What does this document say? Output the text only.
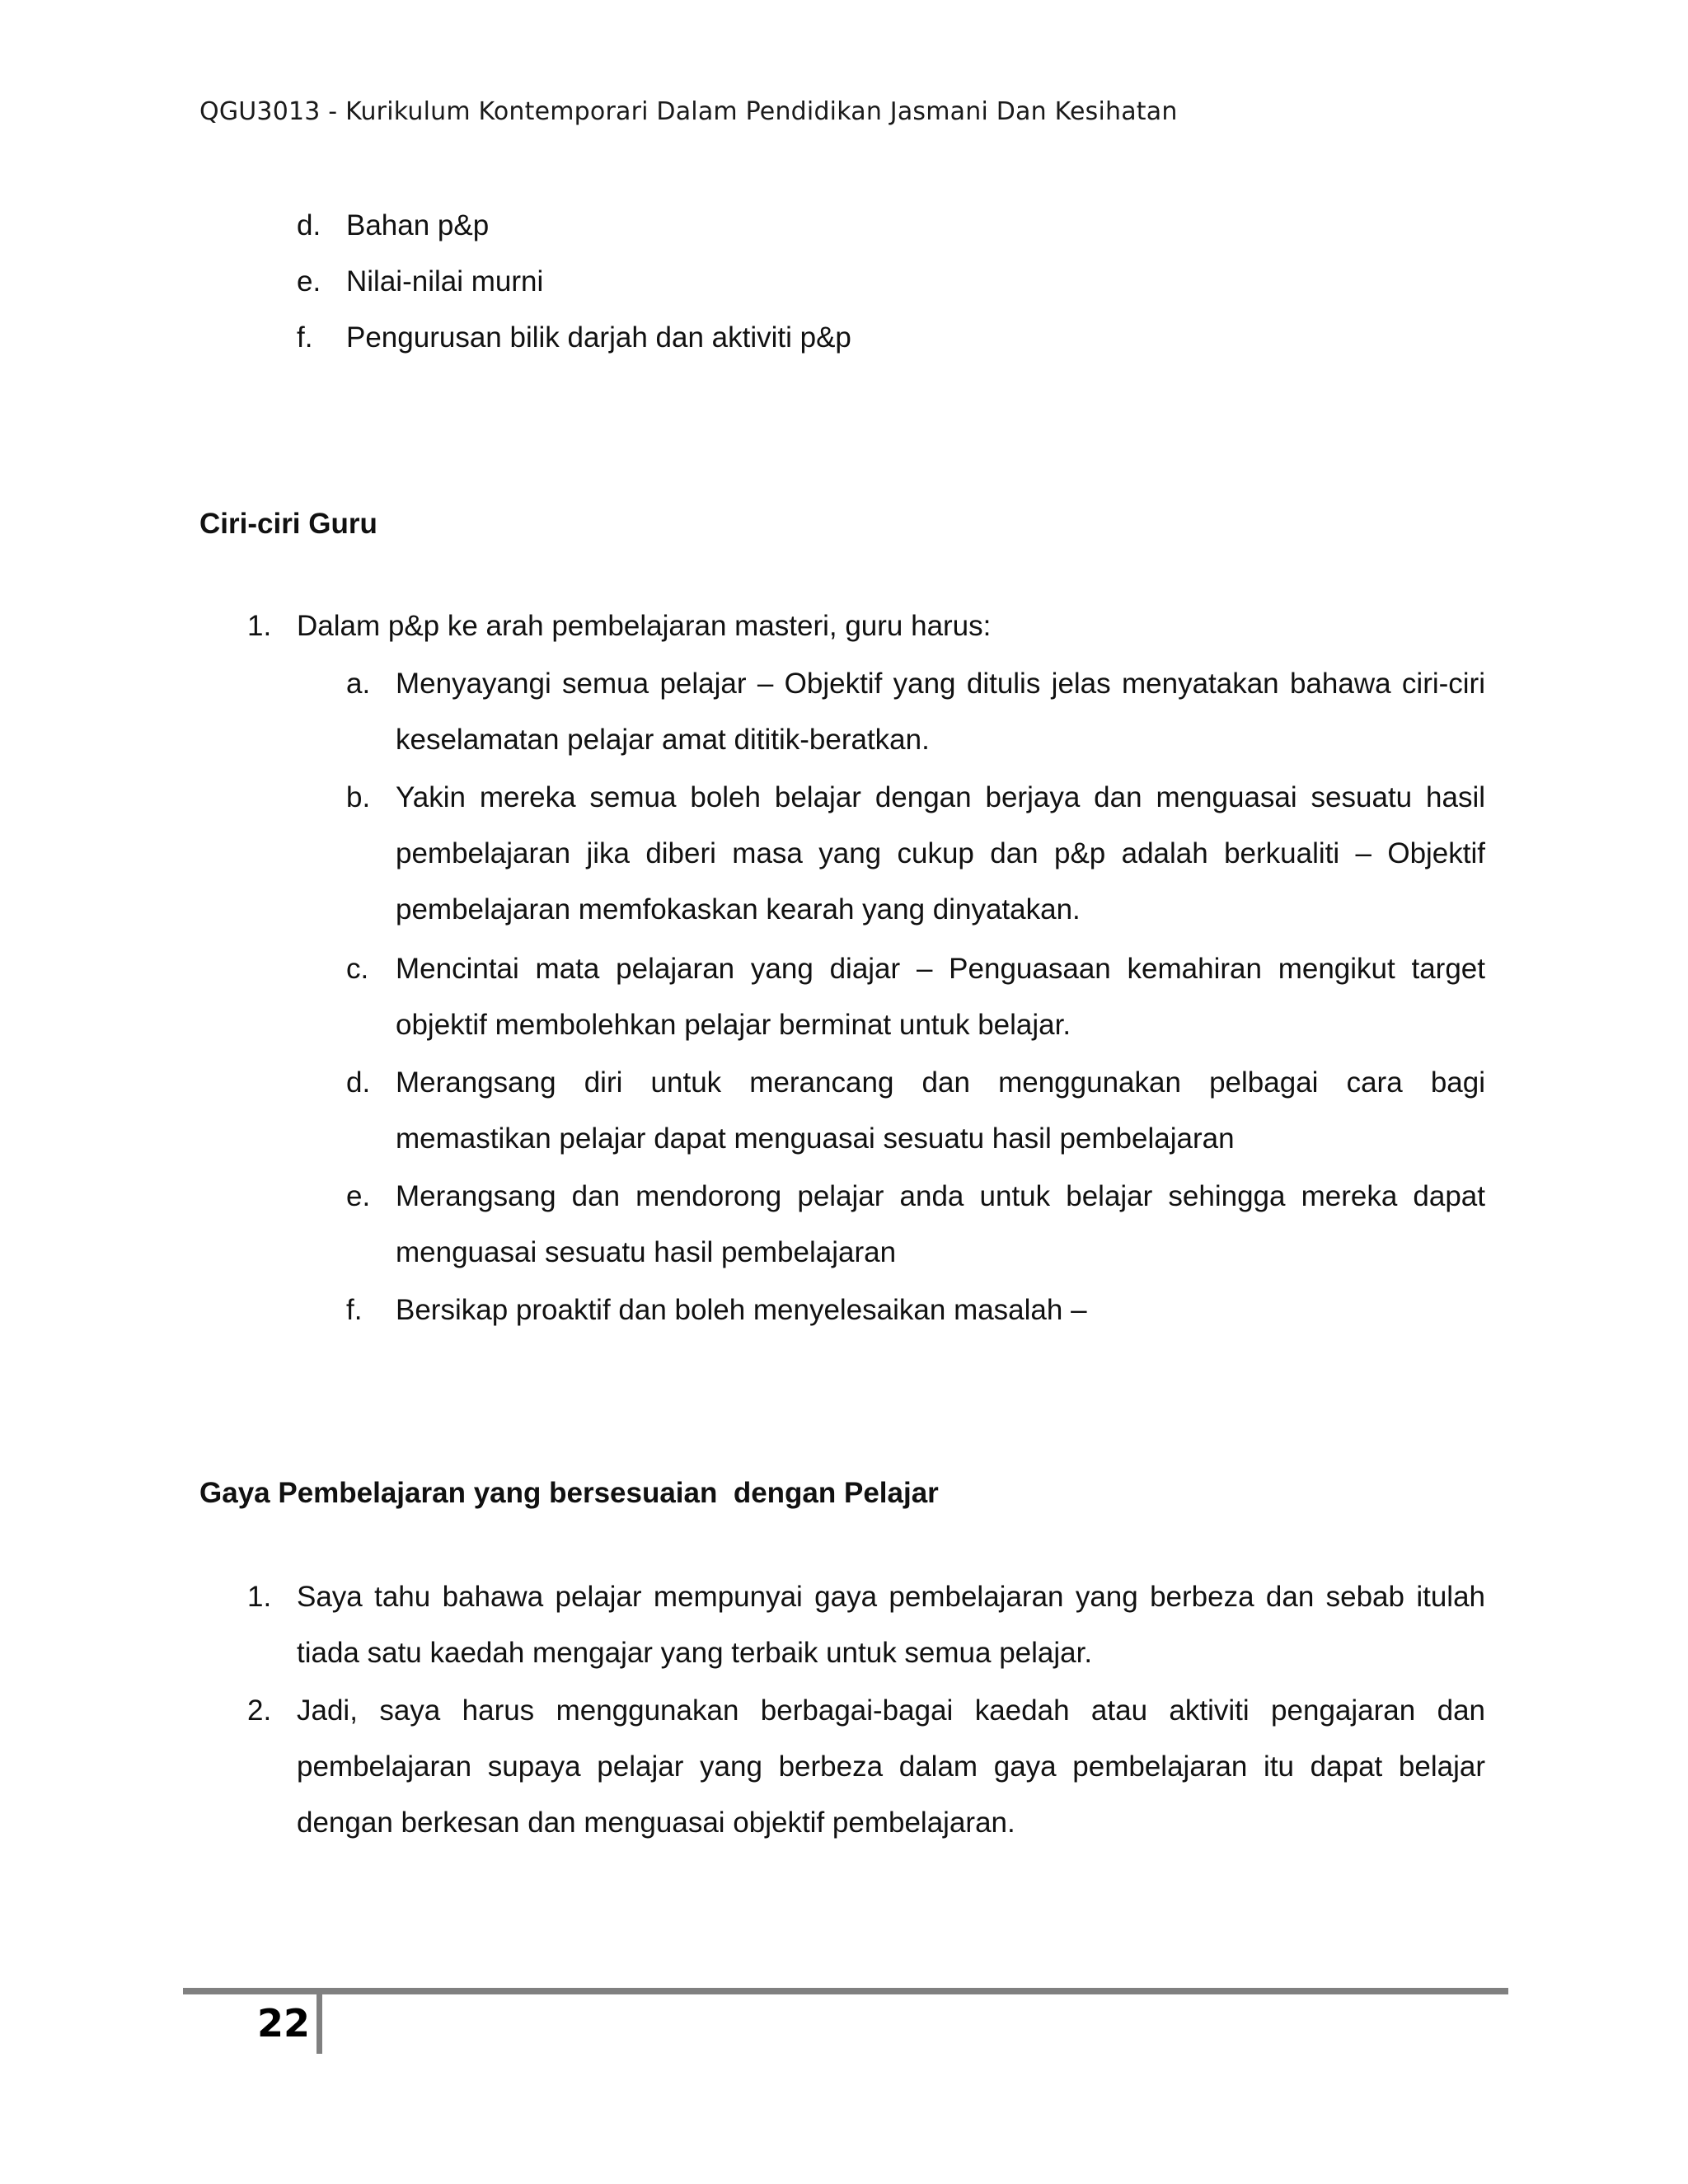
QGU3013 - Kurikulum Kontemporari Dalam Pendidikan Jasmani Dan Kesihatan
d. Bahan p&p
e. Nilai-nilai murni
f.	Pengurusan bilik darjah dan aktiviti p&p
Ciri-ciri Guru
1. Dalam p&p ke arah pembelajaran masteri, guru harus:
a. Menyayangi semua pelajar – Objektif yang ditulis jelas menyatakan bahawa ciri-ciri keselamatan pelajar amat dititik-beratkan.
b. Yakin mereka semua boleh belajar dengan berjaya dan menguasai sesuatu hasil pembelajaran jika diberi masa yang cukup dan p&p adalah berkualiti – Objektif pembelajaran memfokaskan kearah yang dinyatakan.
c. Mencintai mata pelajaran yang diajar – Penguasaan kemahiran mengikut target objektif membolehkan pelajar berminat untuk belajar.
d. Merangsang diri untuk merancang dan menggunakan pelbagai cara bagi memastikan pelajar dapat menguasai sesuatu hasil pembelajaran
e. Merangsang dan mendorong pelajar anda untuk belajar sehingga mereka dapat menguasai sesuatu hasil pembelajaran
f.	Bersikap proaktif dan boleh menyelesaikan masalah –
Gaya Pembelajaran yang bersesuaian  dengan Pelajar
1. Saya tahu bahawa pelajar mempunyai gaya pembelajaran yang berbeza dan sebab itulah tiada satu kaedah mengajar yang terbaik untuk semua pelajar.
2. Jadi, saya harus menggunakan berbagai-bagai kaedah atau aktiviti pengajaran dan pembelajaran supaya pelajar yang berbeza dalam gaya pembelajaran itu dapat belajar dengan berkesan dan menguasai objektif pembelajaran.
22
